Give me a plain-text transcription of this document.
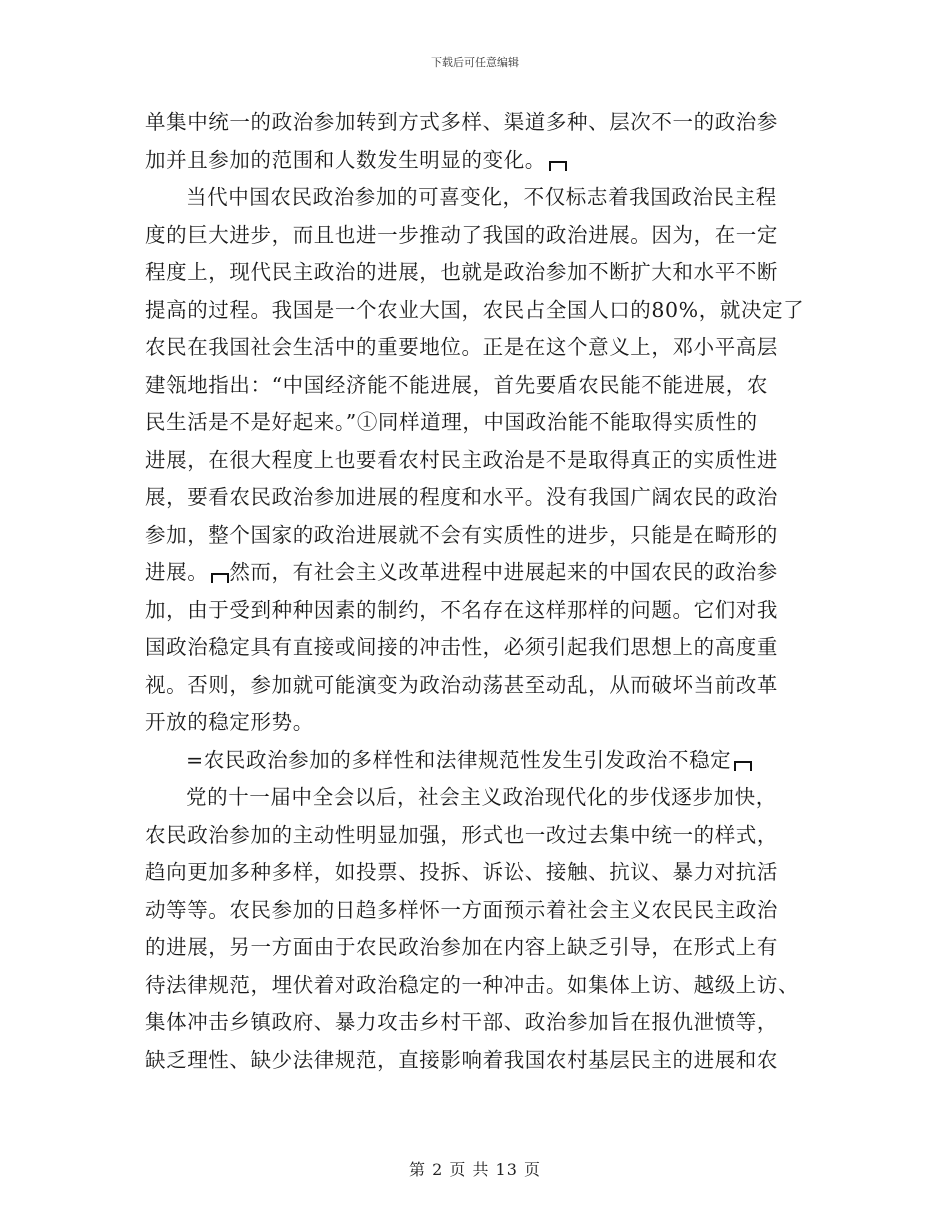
下载后可任意编辑
单集中统一的政治参加转到方式多样、渠道多种、层次不一的政治参
加并且参加的范围和人数发生明显的变化。
当代中国农民政治参加的可喜变化，不仅标志着我国政治民主程
度的巨大进步，而且也进一步推动了我国的政治进展。因为，在一定
程度上，现代民主政治的进展，也就是政治参加不断扩大和水平不断
提高的过程。我国是一个农业大国，农民占全国人口的80%，就决定了
农民在我国社会生活中的重要地位。正是在这个意义上，邓小平高层
建瓴地指出：“中国经济能不能进展，首先要盾农民能不能进展，农
民生活是不是好起来。”①同样道理，中国政治能不能取得实质性的
进展，在很大程度上也要看农村民主政治是不是取得真正的实质性进
展，要看农民政治参加进展的程度和水平。没有我国广阔农民的政治
参加，整个国家的政治进展就不会有实质性的进步，只能是在畸形的
进展。 然而，有社会主义改革进程中进展起来的中国农民的政治参
加，由于受到种种因素的制约，不名存在这样那样的问题。它们对我
国政治稳定具有直接或间接的冲击性，必须引起我们思想上的高度重
视。否则，参加就可能演变为政治动荡甚至动乱，从而破坏当前改革
开放的稳定形势。
=农民政治参加的多样性和法律规范性发生引发政治不稳定
党的十一届中全会以后，社会主义政治现代化的步伐逐步加快，
农民政治参加的主动性明显加强，形式也一改过去集中统一的样式，
趋向更加多种多样，如投票、投拆、诉讼、接触、抗议、暴力对抗活
动等等。农民参加的日趋多样怀一方面预示着社会主义农民民主政治
的进展，另一方面由于农民政治参加在内容上缺乏引导，在形式上有
待法律规范，埋伏着对政治稳定的一种冲击。如集体上访、越级上访、
集体冲击乡镇政府、暴力攻击乡村干部、政治参加旨在报仇泄愤等，
缺乏理性、缺少法律规范，直接影响着我国农村基层民主的进展和农
第 2 页 共 13 页
